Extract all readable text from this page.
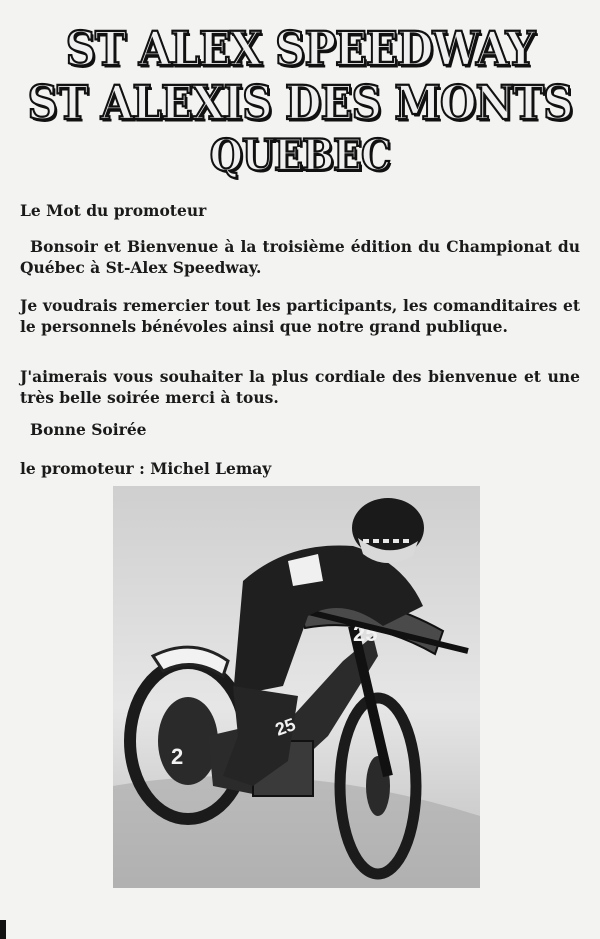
ST ALEX SPEEDWAY
ST ALEXIS DES MONTS
QUEBEC
Le Mot du promoteur
Bonsoir et Bienvenue à la troisième édition du Championat du Québec à St-Alex Speedway.
Je voudrais remercier tout les participants, les comanditaires et le personnels bénévoles ainsi que notre grand publique.
J'aimerais vous souhaiter la plus cordiale des bienvenue et une très belle soirée merci à tous.
Bonne Soirée
le promoteur : Michel Lemay
25
25
2
